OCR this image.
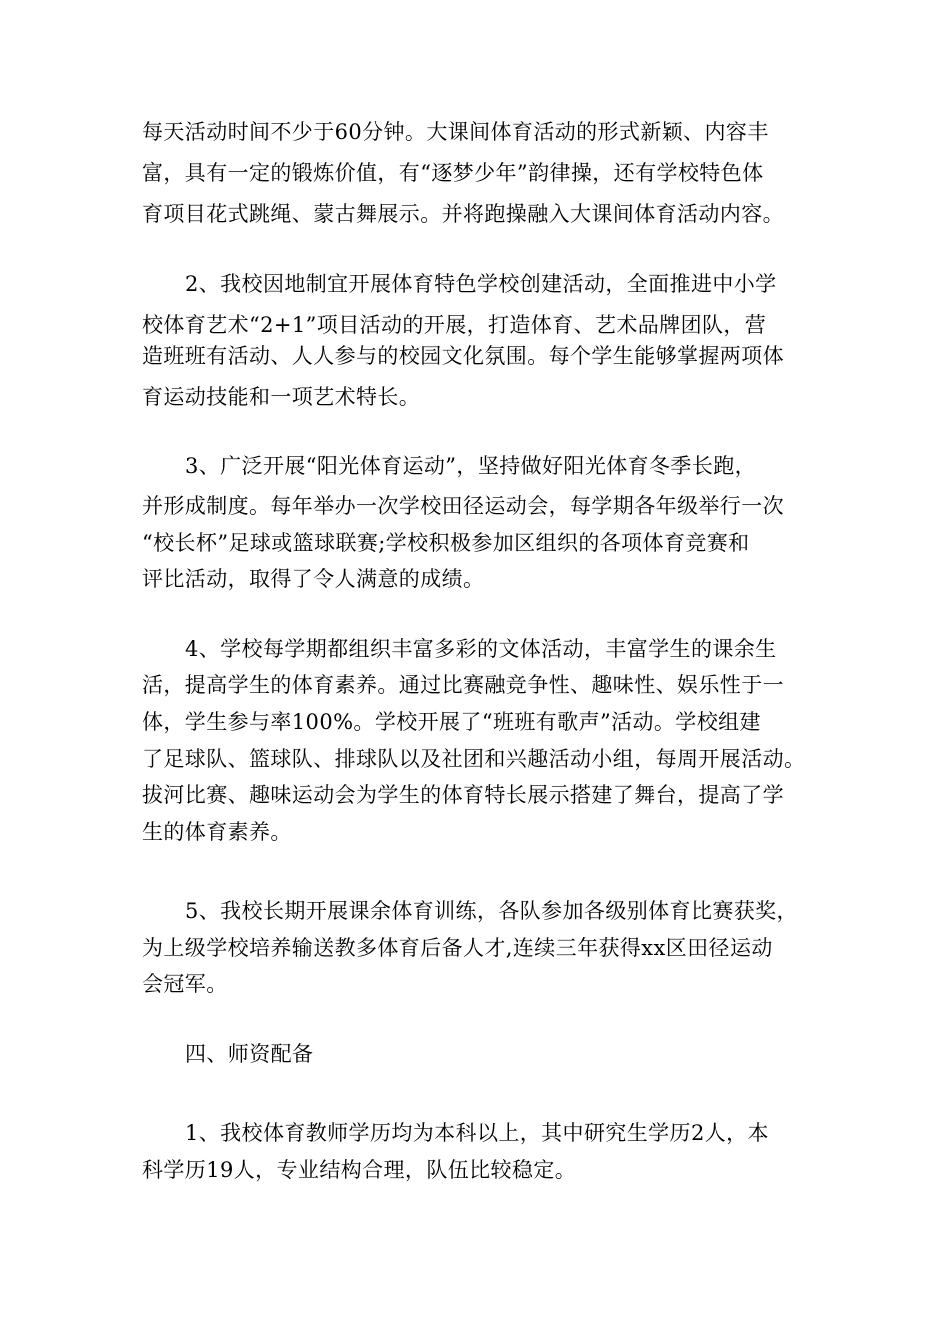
每天活动时间不少于60分钟。大课间体育活动的形式新颖、内容丰
富，具有一定的锻炼价值，有“逐梦少年”韵律操，还有学校特色体
育项目花式跳绳、蒙古舞展示。并将跑操融入大课间体育活动内容。
2、我校因地制宜开展体育特色学校创建活动，全面推进中小学
校体育艺术“2+1”项目活动的开展，打造体育、艺术品牌团队，营
造班班有活动、人人参与的校园文化氛围。每个学生能够掌握两项体
育运动技能和一项艺术特长。
3、广泛开展“阳光体育运动”，坚持做好阳光体育冬季长跑，
并形成制度。每年举办一次学校田径运动会，每学期各年级举行一次
“校长杯”足球或篮球联赛;学校积极参加区组织的各项体育竞赛和
评比活动，取得了令人满意的成绩。
4、学校每学期都组织丰富多彩的文体活动，丰富学生的课余生
活，提高学生的体育素养。通过比赛融竞争性、趣味性、娱乐性于一
体，学生参与率100%。学校开展了“班班有歌声”活动。学校组建
了足球队、篮球队、排球队以及社团和兴趣活动小组，每周开展活动。
拔河比赛、趣味运动会为学生的体育特长展示搭建了舞台，提高了学
生的体育素养。
5、我校长期开展课余体育训练，各队参加各级别体育比赛获奖，
为上级学校培养输送教多体育后备人才,连续三年获得xx区田径运动
会冠军。
四、师资配备
1、我校体育教师学历均为本科以上，其中研究生学历2人，本
科学历19人，专业结构合理，队伍比较稳定。
